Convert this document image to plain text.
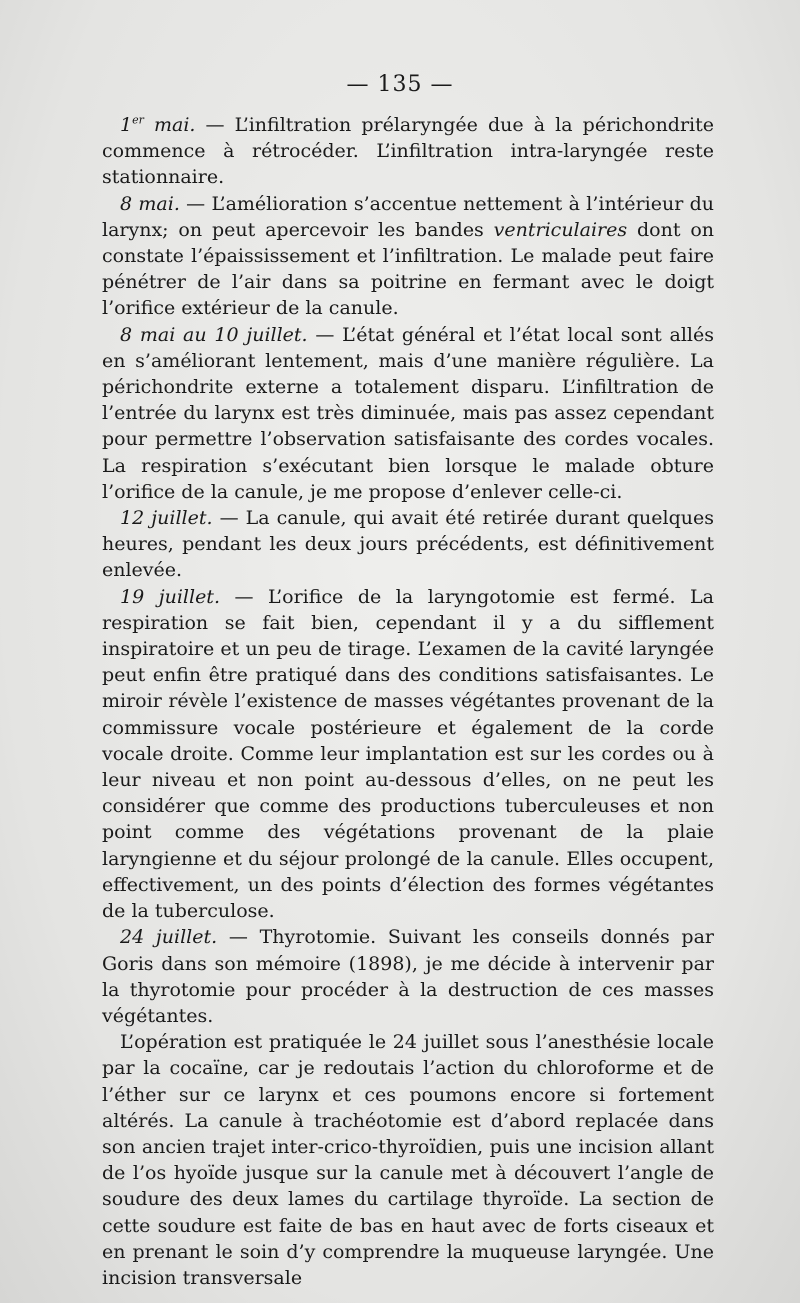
— 135 —

1er mai. — L’infiltration prélaryngée due à la périchondrite commence à rétrocéder. L’infiltration intra-laryngée reste stationnaire.

8 mai. — L’amélioration s’accentue nettement à l’intérieur du larynx; on peut apercevoir les bandes ventriculaires dont on constate l’épaississement et l’infiltration. Le malade peut faire pénétrer de l’air dans sa poitrine en fermant avec le doigt l’orifice extérieur de la canule.

8 mai au 10 juillet. — L’état général et l’état local sont allés en s’améliorant lentement, mais d’une manière régulière. La périchondrite externe a totalement disparu. L’infiltration de l’entrée du larynx est très diminuée, mais pas assez cependant pour permettre l’observation satisfaisante des cordes vocales. La respiration s’exécutant bien lorsque le malade obture l’orifice de la canule, je me propose d’enlever celle-ci.

12 juillet. — La canule, qui avait été retirée durant quelques heures, pendant les deux jours précédents, est définitivement enlevée.

19 juillet. — L’orifice de la laryngotomie est fermé. La respiration se fait bien, cependant il y a du sifflement inspiratoire et un peu de tirage. L’examen de la cavité laryngée peut enfin être pratiqué dans des conditions satisfaisantes. Le miroir révèle l’existence de masses végétantes provenant de la commissure vocale postérieure et également de la corde vocale droite. Comme leur implantation est sur les cordes ou à leur niveau et non point au-dessous d’elles, on ne peut les considérer que comme des productions tuberculeuses et non point comme des végétations provenant de la plaie laryngienne et du séjour prolongé de la canule. Elles occupent, effectivement, un des points d’élection des formes végétantes de la tuberculose.

24 juillet. — Thyrotomie. Suivant les conseils donnés par Goris dans son mémoire (1898), je me décide à intervenir par la thyrotomie pour procéder à la destruction de ces masses végétantes.

L’opération est pratiquée le 24 juillet sous l’anesthésie locale par la cocaïne, car je redoutais l’action du chloroforme et de l’éther sur ce larynx et ces poumons encore si fortement altérés. La canule à trachéotomie est d’abord replacée dans son ancien trajet inter-crico-thyroïdien, puis une incision allant de l’os hyoïde jusque sur la canule met à découvert l’angle de soudure des deux lames du cartilage thyroïde. La section de cette soudure est faite de bas en haut avec de forts ciseaux et en prenant le soin d’y comprendre la muqueuse laryngée. Une incision transversale
